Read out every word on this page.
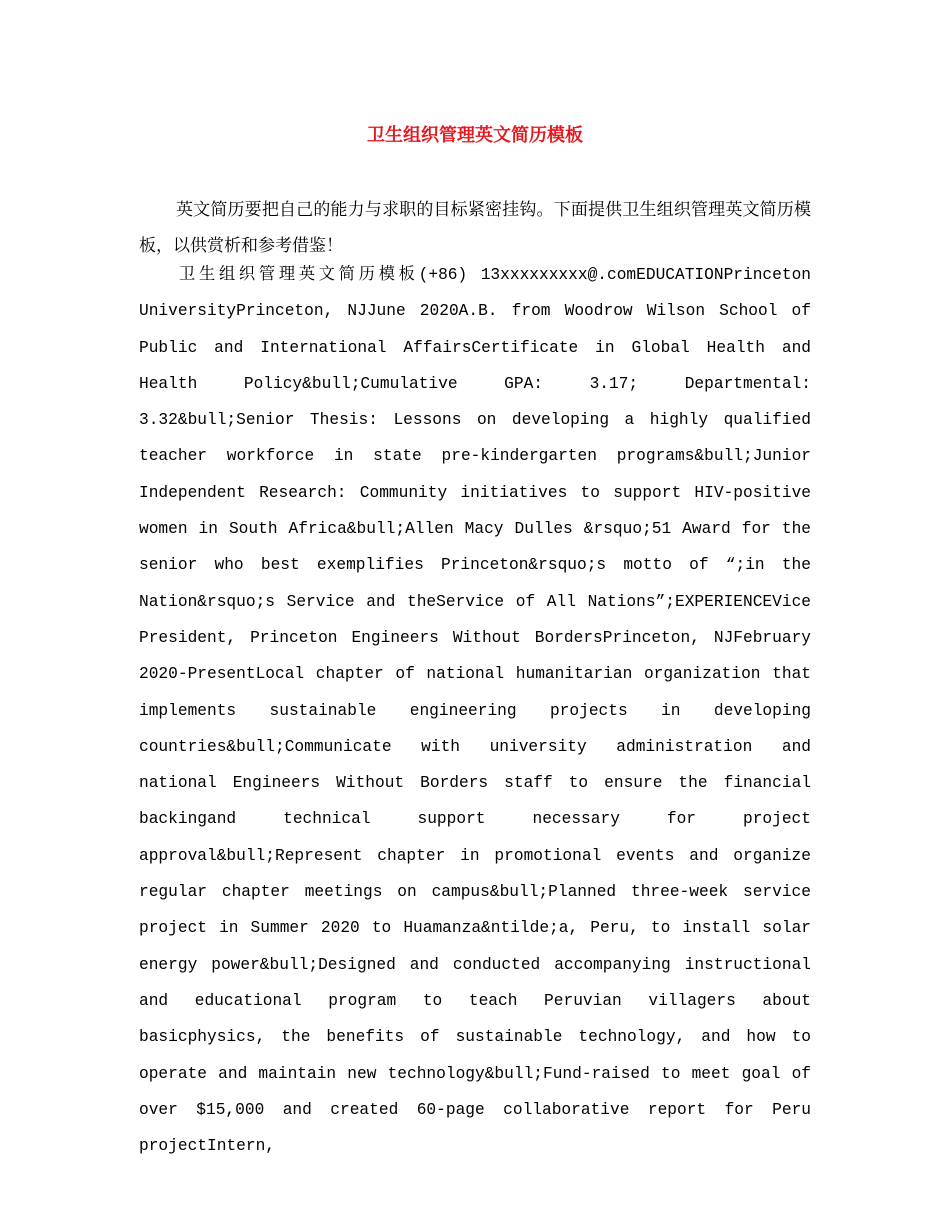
卫生组织管理英文简历模板
英文简历要把自己的能力与求职的目标紧密挂钩。下面提供卫生组织管理英文简历模板，以供赏析和参考借鉴！
卫生组织管理英文简历模板(+86) 13xxxxxxxxx@.comEDUCATIONPrinceton UniversityPrinceton, NJJune 2020A.B. from Woodrow Wilson School of Public and International AffairsCertificate in Global Health and Health Policy&bull;Cumulative GPA: 3.17; Departmental: 3.32&bull;Senior Thesis: Lessons on developing a highly qualified teacher workforce in state pre-kindergarten programs&bull;Junior Independent Research: Community initiatives to support HIV-positive women in South Africa&bull;Allen Macy Dulles &rsquo;51 Award for the senior who best exemplifies Princeton&rsquo;s motto of “;in the Nation&rsquo;s Service and theService of All Nations”;EXPERIENCEVice President, Princeton Engineers Without BordersPrinceton, NJFebruary 2020-PresentLocal chapter of national humanitarian organization that implements sustainable engineering projects in developing countries&bull;Communicate with university administration and national Engineers Without Borders staff to ensure the financial backingand technical support necessary for project approval&bull;Represent chapter in promotional events and organize regular chapter meetings on campus&bull;Planned three-week service project in Summer 2020 to Huamanza&ntilde;a, Peru, to install solar energy power&bull;Designed and conducted accompanying instructional and educational program to teach Peruvian villagers about basicphysics, the benefits of sustainable technology, and how to operate and maintain new technology&bull;Fund-raised to meet goal of over $15,000 and created 60-page collaborative report for Peru projectIntern,
